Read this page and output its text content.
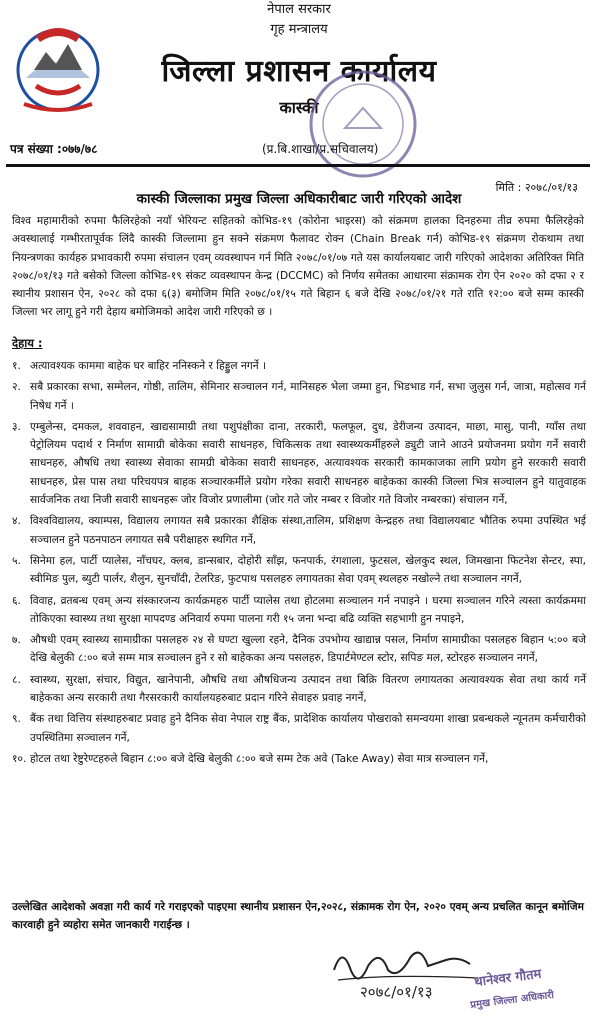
नेपाल सरकार
गृह मन्त्रालय
जिल्ला प्रशासन कार्यालय
कास्की
पत्र संख्या :०७७/७८	(प्र.बि.शाखा/प्र.सचिवालय)
मिति : २०७८/०१/१३
कास्की जिल्लाका प्रमुख जिल्ला अधिकारीबाट जारी गरिएको आदेश
विश्व महामारीको रुपमा फैलिरहेको नयाँ भेरियन्ट सहितको कोभिड-१९ (कोरोना भाइरस) को संक्रमण हालका दिनहरुमा तीव्र रुपमा फैलिरहेको अवस्थालाई गम्भीरतापूर्वक लिंदै कास्की जिल्लामा हुन सक्ने संक्रमण फैलावट रोक्न (Chain Break गर्न) कोभिड-१९ संक्रमण रोकथाम तथा नियन्त्रणका कार्यहरु प्रभावकारी रुपमा संचालन एवम् व्यवस्थापन गर्न मिति २०७८/०१/०७ गते यस कार्यालयबाट जारी गरिएको आदेशका अतिरिक्त मिति २०७८/०१/१३ गते बसेको जिल्ला कोभिड-१९ संकट व्यवस्थापन केन्द्र (DCCMC) को निर्णय समेतका आधारमा संक्रामक रोग ऐन २०२० को दफा २ र स्थानीय प्रशासन ऐन, २०२८ को दफा ६(३) बमोजिम मिति २०७८/०१/१५ गते बिहान ६ बजे देखि २०७८/०१/२१ गते राति १२:०० बजे सम्म कास्की जिल्ला भर लागू हुने गरी देहाय बमोजिमको आदेश जारी गरिएको छ ।
देहाय :
१. अत्यावश्यक काममा बाहेक घर बाहिर ननिस्कने र हिड्डुल नगर्ने ।
२. सबै प्रकारका सभा, सम्मेलन, गोष्ठी, तालिम, सेमिनार सञ्चालन गर्न, मानिसहरु भेला जम्मा हुन, भिडभाड गर्न, सभा जुलुस गर्न, जात्रा, महोत्सव गर्न निषेध गर्ने ।
३. एम्बुलेन्स, दमकल, शववाहन, खाद्यसामाग्री तथा पशुपंक्षीका दाना, तरकारी, फलफूल, दुध, डेरीजन्य उत्पादन, माछा, मासु, पानी, ग्याँस तथा पेट्रोलियम पदार्थ र निर्माण सामाग्री बोकेका सवारी साधनहरु, चिकित्सक तथा स्वास्थ्यकर्मीहरुले ड्युटी जाने आउने प्रयोजनमा प्रयोग गर्ने सवारी साधनहरु, औषधि तथा स्वास्थ्य सेवाका सामग्री बोकेका सवारी साधनहरु, अत्यावश्यक सरकारी कामकाजका लागि प्रयोग हुने सरकारी सवारी साधनहरु, प्रेस पास तथा परिचयपत्र बाहक सञ्चारकर्मीले प्रयोग गरेका सवारी साधनहरु बाहेकका कास्की जिल्ला भित्र सञ्चालन हुने यातुवाहक सार्वजनिक तथा निजी सवारी साधनहरू जोर विजोर प्रणालीमा (जोर गते जोर नम्बर र विजोर गते विजोर नम्बरका) संचालन गर्ने,
४. विश्वविद्यालय, क्याम्पस, विद्यालय लगायत सबै प्रकारका शैक्षिक संस्था,तालिम, प्रशिक्षण केन्द्रहरु तथा विद्यालयबाट भौतिक रुपमा उपस्थित भई सञ्चालन हुने पठनपाठन लगायत सबै परीक्षाहरु स्थगित गर्ने,
५. सिनेमा हल, पार्टी प्यालेस, नाँचघर, क्लब, डान्सबार, दोहोरी साँझ, फनपार्क, रंगशाला, फुटसल, खेलकुद स्थल, जिमखाना फिटनेश सेन्टर, स्पा, स्वीमिङ पुल, ब्युटी पार्लर, शैलुन, सुनचाँदी, टेलरिङ, फुटपाथ पसलहरु लगायतका सेवा एवम् स्थलहरु नखोल्ने तथा सञ्चालन नगर्ने,
६. विवाह, व्रतबन्ध एवम् अन्य संस्कारजन्य कार्यक्रमहरु पार्टी प्यालेस तथा होटलमा सञ्चालन गर्न नपाइने । घरमा सञ्चालन गरिने त्यस्ता कार्यक्रममा तोकिएका स्वास्थ्य तथा सुरक्षा मापदण्ड अनिवार्य रुपमा पालना गरी १५ जना भन्दा बढि व्यक्ति सहभागी हुन नपाइने,
७. औषधी एवम् स्वास्थ्य सामाग्रीका पसलहरु २४ से घण्टा खुल्ला रहने, दैनिक उपभोग्य खाद्यान्न पसल, निर्माण सामाग्रीका पसलहरु बिहान ५:०० बजे देखि बेलुकी ८:०० बजे सम्म मात्र सञ्चालन हुने र सो बाहेकका अन्य पसलहरु, डिपार्टमेण्टल स्टोर, सपिङ मल, स्टोरहरु सञ्चालन नगर्ने,
८. स्वास्थ्य, सुरक्षा, संचार, विद्युत, खानेपानी, औषधि तथा औषधिजन्य उत्पादन तथा बिक्रि वितरण लगायतका अत्यावश्यक सेवा तथा कार्य गर्ने बाहेकका अन्य सरकारी तथा गैरसरकारी कार्यालयहरुबाट प्रदान गरिने सेवाहरु प्रवाह नगर्ने,
९. बैंक तथा वित्तिय संस्थाहरुबाट प्रवाह हुने दैनिक सेवा नेपाल राष्ट्र बैंक, प्रादेशिक कार्यालय पोखराको समन्वयमा शाखा प्रबन्धकले न्यूनतम कर्मचारीको उपस्थितिमा सञ्चालन गर्ने,
१०. होटल तथा रेष्टुरेण्टहरुले बिहान ८:०० बजे देखि बेलुकी ८:०० बजे सम्म टेक अवे (Take Away) सेवा मात्र सञ्चालन गर्ने,
उल्लेखित आदेशको अवज्ञा गरी कार्य गरे गराइएको पाइएमा स्थानीय प्रशासन ऐन,२०२८, संक्रामक रोग ऐन, २०२० एवम् अन्य प्रचलित कानून बमोजिम कारवाही हुने व्यहोरा समेत जानकारी गराईन्छ ।
२०७८/०१/१३
थानेश्वर गौतम
प्रमुख जिल्ला अधिकारी
